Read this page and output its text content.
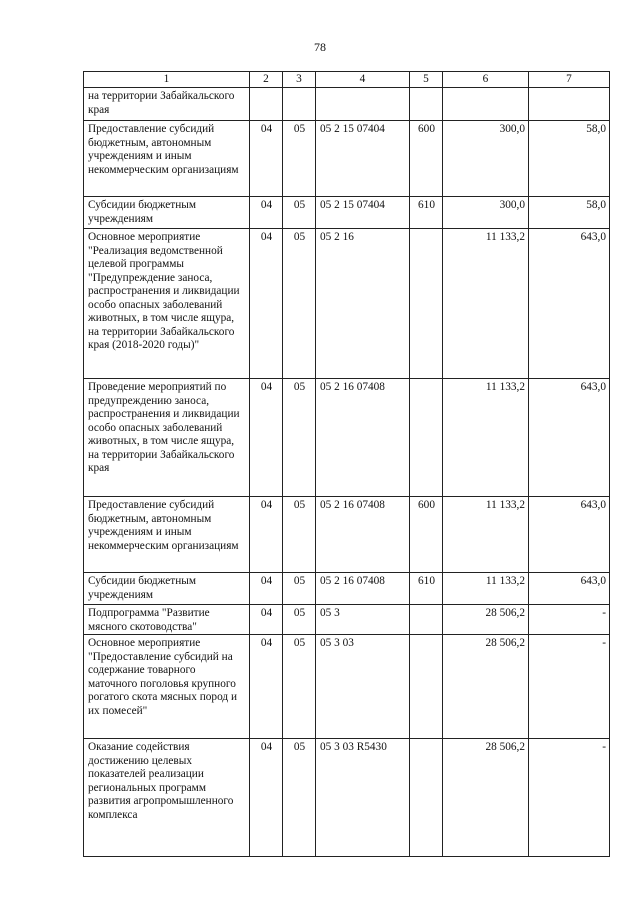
78
1	2	3	4	5	6	7
на территории Забайкальского края						
Предоставление субсидий бюджетным, автономным учреждениям и иным некоммерческим организациям	04	05	05 2 15 07404	600	300,0	58,0
Субсидии бюджетным учреждениям	04	05	05 2 15 07404	610	300,0	58,0
Основное мероприятие "Реализация ведомственной целевой программы "Предупреждение заноса, распространения и ликвидации особо опасных заболеваний животных, в том числе ящура, на территории Забайкальского края (2018-2020 годы)"	04	05	05 2 16		11 133,2	643,0
Проведение мероприятий по предупреждению заноса, распространения и ликвидации особо опасных заболеваний животных, в том числе ящура, на территории Забайкальского края	04	05	05 2 16 07408		11 133,2	643,0
Предоставление субсидий бюджетным, автономным учреждениям и иным некоммерческим организациям	04	05	05 2 16 07408	600	11 133,2	643,0
Субсидии бюджетным учреждениям	04	05	05 2 16 07408	610	11 133,2	643,0
Подпрограмма "Развитие мясного скотоводства"	04	05	05 3		28 506,2	-
Основное мероприятие "Предоставление субсидий на содержание товарного маточного поголовья крупного рогатого скота мясных пород и их помесей"	04	05	05 3 03		28 506,2	-
Оказание содействия достижению целевых показателей реализации региональных программ развития агропромышленного комплекса	04	05	05 3 03 R5430		28 506,2	-
